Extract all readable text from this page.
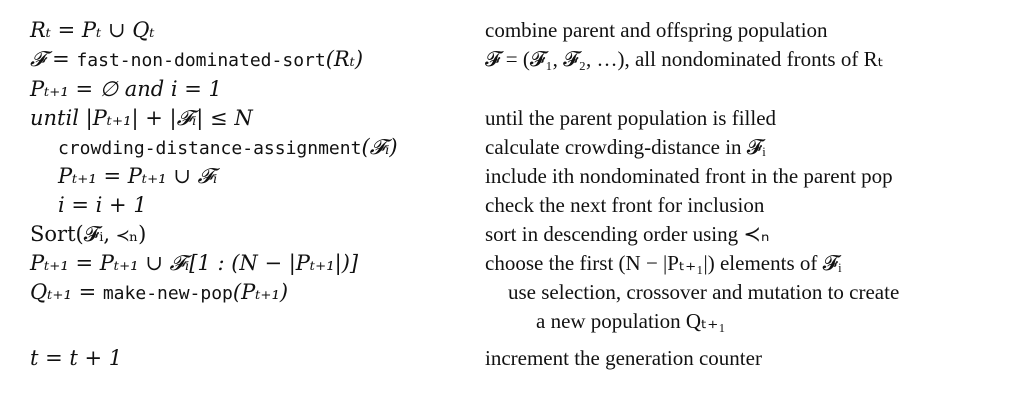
Rₜ = Pₜ ∪ Qₜ	combine parent and offspring population
𝓕 = fast-non-dominated-sort(Rₜ)	𝓕 = (𝓕₁, 𝓕₂, …), all nondominated fronts of Rₜ
Pₜ₊₁ = ∅ and i = 1
until |Pₜ₊₁| + |𝓕ᵢ| ≤ N	until the parent population is filled
crowding-distance-assignment(𝓕ᵢ)	calculate crowding-distance in 𝓕ᵢ
Pₜ₊₁ = Pₜ₊₁ ∪ 𝓕ᵢ	include ith nondominated front in the parent pop
i = i + 1	check the next front for inclusion
Sort(𝓕ᵢ, ≺ₙ)	sort in descending order using ≺ₙ
Pₜ₊₁ = Pₜ₊₁ ∪ 𝓕ᵢ[1 : (N − |Pₜ₊₁|)]	choose the first (N − |Pₜ₊₁|) elements of 𝓕ᵢ
Qₜ₊₁ = make-new-pop(Pₜ₊₁)	use selection, crossover and mutation to create
a new population Qₜ₊₁
t = t + 1	increment the generation counter
